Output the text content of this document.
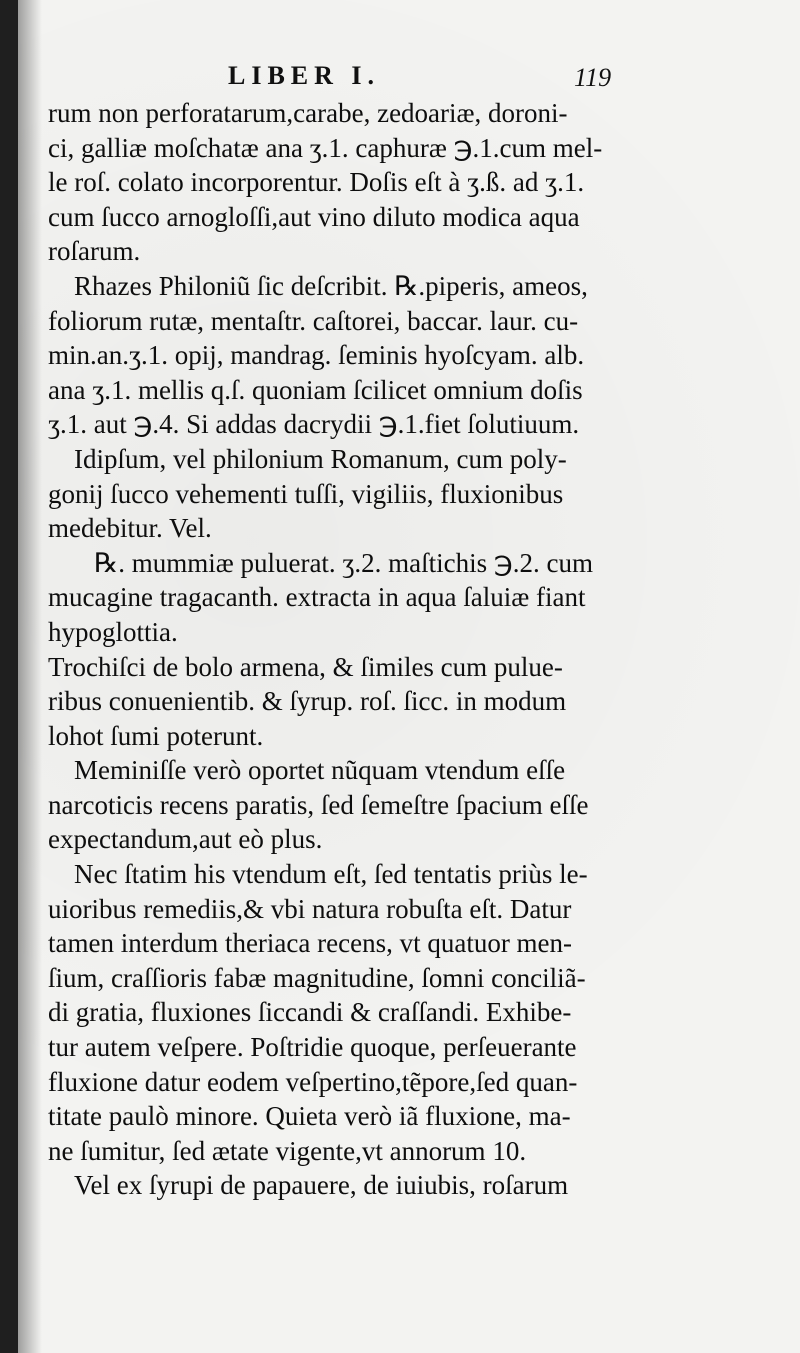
LIBER I.	119

rum non perforatarum,carabe, zedoariæ, doroni-
ci, galliæ moſchatæ ana ʒ.1. caphuræ ℈.1.cum mel-
le roſ. colato incorporentur. Doſis eſt à ʒ.ß. ad ʒ.1.
cum ſucco arnogloſſi,aut vino diluto modica aqua
roſarum.

Rhazes Philoniũ ſic deſcribit. ℞.piperis, ameos,
foliorum rutæ, mentaſtr. caſtorei, baccar. laur. cu-
min.an.ʒ.1. opij, mandrag. ſeminis hyoſcyam. alb.
ana ʒ.1. mellis q.ſ. quoniam ſcilicet omnium doſis
ʒ.1. aut ℈.4. Si addas dacrydii ℈.1.fiet ſolutiuum.

Idipſum, vel philonium Romanum, cum poly-
gonij ſucco vehementi tuſſi, vigiliis, fluxionibus
medebitur. Vel.

℞. mummiæ puluerat. ʒ.2. maſtichis ℈.2. cum
mucagine tragacanth. extracta in aqua ſaluiæ fiant
hypoglottia.

Trochiſci de bolo armena, & ſimiles cum pulue-
ribus conuenientib. & ſyrup. roſ. ſicc. in modum
lohot ſumi poterunt.

Meminiſſe verò oportet nũquam vtendum eſſe
narcoticis recens paratis, ſed ſemeſtre ſpacium eſſe
expectandum,aut eò plus.

Nec ſtatim his vtendum eſt, ſed tentatis priùs le-
uioribus remediis,& vbi natura robuſta eſt. Datur
tamen interdum theriaca recens, vt quatuor men-
ſium, craſſioris fabæ magnitudine, ſomni conciliã-
di gratia, fluxiones ſiccandi & craſſandi. Exhibe-
tur autem veſpere. Poſtridie quoque, perſeuerante
fluxione datur eodem veſpertino,tẽpore,ſed quan-
titate paulò minore. Quieta verò iã fluxione, ma-
ne ſumitur, ſed ætate vigente,vt annorum 10.

Vel ex ſyrupi de papauere, de iuiubis, roſarum
